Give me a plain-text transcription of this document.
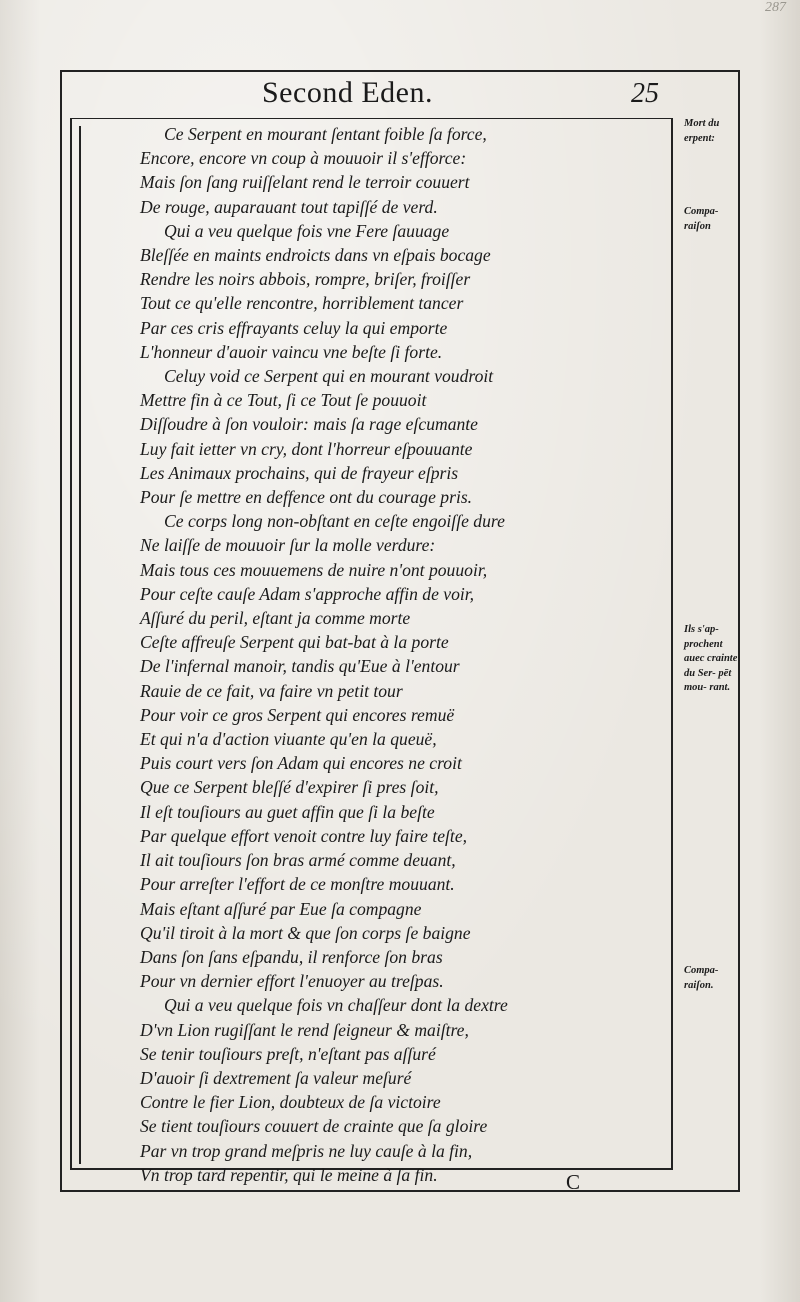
287
Second Eden.	25
Ce Serpent en mourant ſentant foible ſa force,
Encore, encore vn coup à mouuoir il s'efforce:
Mais ſon ſang ruiſſelant rend le terroir couuert
De rouge, auparauant tout tapiſſé de verd.
Qui a veu quelque fois vne Fere ſauuage
Bleſſée en maints endroicts dans vn eſpais bocage
Rendre les noirs abbois, rompre, briſer, froiſſer
Tout ce qu'elle rencontre, horriblement tancer
Par ces cris effrayants celuy la qui emporte
L'honneur d'auoir vaincu vne beſte ſi forte.
Celuy void ce Serpent qui en mourant voudroit
Mettre fin à ce Tout, ſi ce Tout ſe pouuoit
Diſſoudre à ſon vouloir: mais ſa rage eſcumante
Luy fait ietter vn cry, dont l'horreur eſpouuante
Les Animaux prochains, qui de frayeur eſpris
Pour ſe mettre en deffence ont du courage pris.
Ce corps long non-obſtant en ceſte engoiſſe dure
Ne laiſſe de mouuoir ſur la molle verdure:
Mais tous ces mouuemens de nuire n'ont pouuoir,
Pour ceſte cauſe Adam s'approche affin de voir,
Aſſuré du peril, eſtant ja comme morte
Ceſte affreuſe Serpent qui bat-bat à la porte
De l'infernal manoir, tandis qu'Eue à l'entour
Rauie de ce fait, va faire vn petit tour
Pour voir ce gros Serpent qui encores remuë
Et qui n'a d'action viuante qu'en la queuë,
Puis court vers ſon Adam qui encores ne croit
Que ce Serpent bleſſé d'expirer ſi pres ſoit,
Il eſt touſiours au guet affin que ſi la beſte
Par quelque effort venoit contre luy faire teſte,
Il ait touſiours ſon bras armé comme deuant,
Pour arreſter l'effort de ce monſtre mouuant.
Mais eſtant aſſuré par Eue ſa compagne
Qu'il tiroit à la mort & que ſon corps ſe baigne
Dans ſon ſans eſpandu, il renforce ſon bras
Pour vn dernier effort l'enuoyer au treſpas.
Qui a veu quelque fois vn chaſſeur dont la dextre
D'vn Lion rugiſſant le rend ſeigneur & maiſtre,
Se tenir touſiours preſt, n'eſtant pas aſſuré
D'auoir ſi dextrement ſa valeur meſuré
Contre le fier Lion, doubteux de ſa victoire
Se tient touſiours couuert de crainte que ſa gloire
Par vn trop grand meſpris ne luy cauſe à la fin,
Vn trop tard repentir, qui le meine à ſa fin.
Mort du erpent:
Compa- raiſon
Ils s'ap- prochent auec crainte du Ser- pēt mou- rant.
Compa- raiſon.
C
